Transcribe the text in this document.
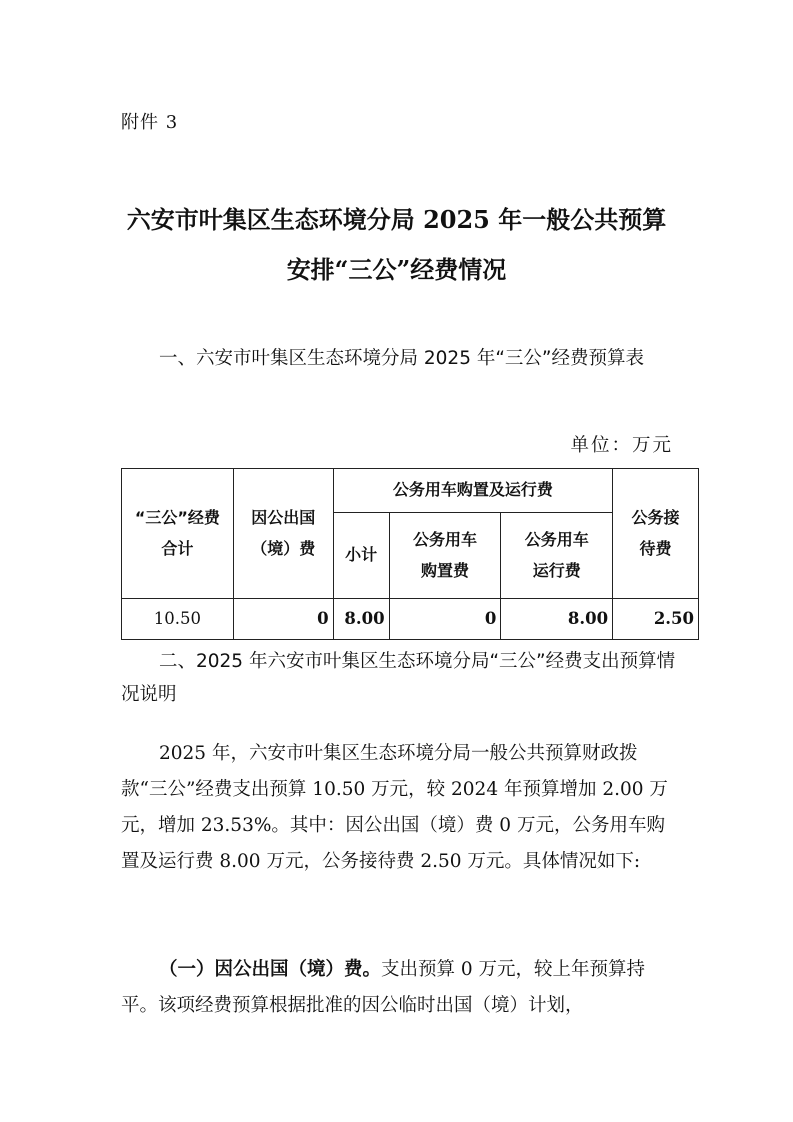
附件 3
六安市叶集区生态环境分局 2025 年一般公共预算
安排“三公”经费情况
一、六安市叶集区生态环境分局 2025 年“三公”经费预算表
单位：万元
“三公”经费合计	因公出国（境）费	公务用车购置及运行费			公务接待费
		小计	公务用车购置费	公务用车运行费	
10.50	0	8.00	0	8.00	2.50
二、2025 年六安市叶集区生态环境分局“三公”经费支出预算情况说明
2025 年，六安市叶集区生态环境分局一般公共预算财政拨款“三公”经费支出预算 10.50 万元，较 2024 年预算增加 2.00 万元，增加 23.53%。其中：因公出国（境）费 0 万元，公务用车购置及运行费 8.00 万元，公务接待费 2.50 万元。具体情况如下:
（一）因公出国（境）费。支出预算 0 万元，较上年预算持平。该项经费预算根据批准的因公临时出国（境）计划，
